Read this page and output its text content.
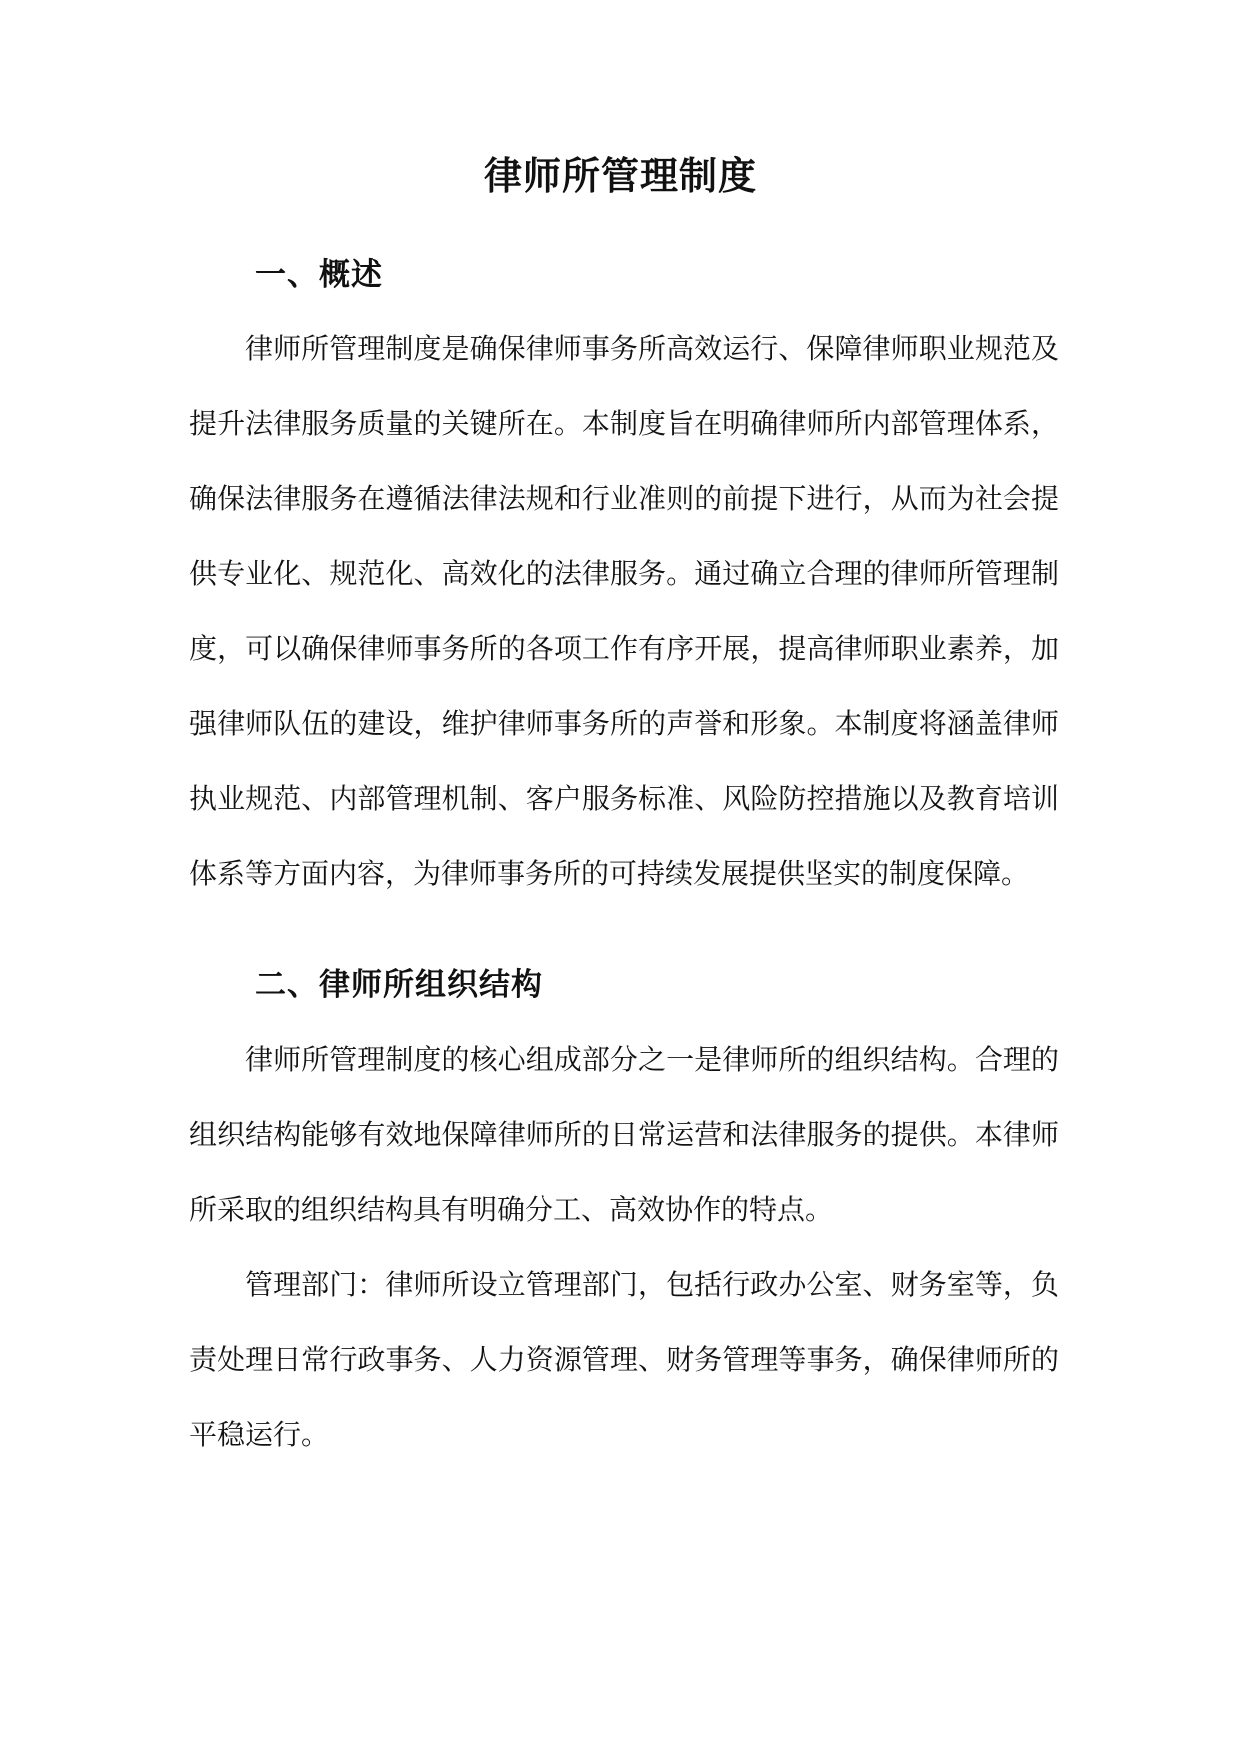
律师所管理制度
一、概述

律师所管理制度是确保律师事务所高效运行、保障律师职业规范及提升法律服务质量的关键所在。本制度旨在明确律师所内部管理体系，确保法律服务在遵循法律法规和行业准则的前提下进行，从而为社会提供专业化、规范化、高效化的法律服务。通过确立合理的律师所管理制度，可以确保律师事务所的各项工作有序开展，提高律师职业素养，加强律师队伍的建设，维护律师事务所的声誉和形象。本制度将涵盖律师执业规范、内部管理机制、客户服务标准、风险防控措施以及教育培训体系等方面内容，为律师事务所的可持续发展提供坚实的制度保障。

二、律师所组织结构

律师所管理制度的核心组成部分之一是律师所的组织结构。合理的组织结构能够有效地保障律师所的日常运营和法律服务的提供。本律师所采取的组织结构具有明确分工、高效协作的特点。

管理部门：律师所设立管理部门，包括行政办公室、财务室等，负责处理日常行政事务、人力资源管理、财务管理等事务，确保律师所的平稳运行。
